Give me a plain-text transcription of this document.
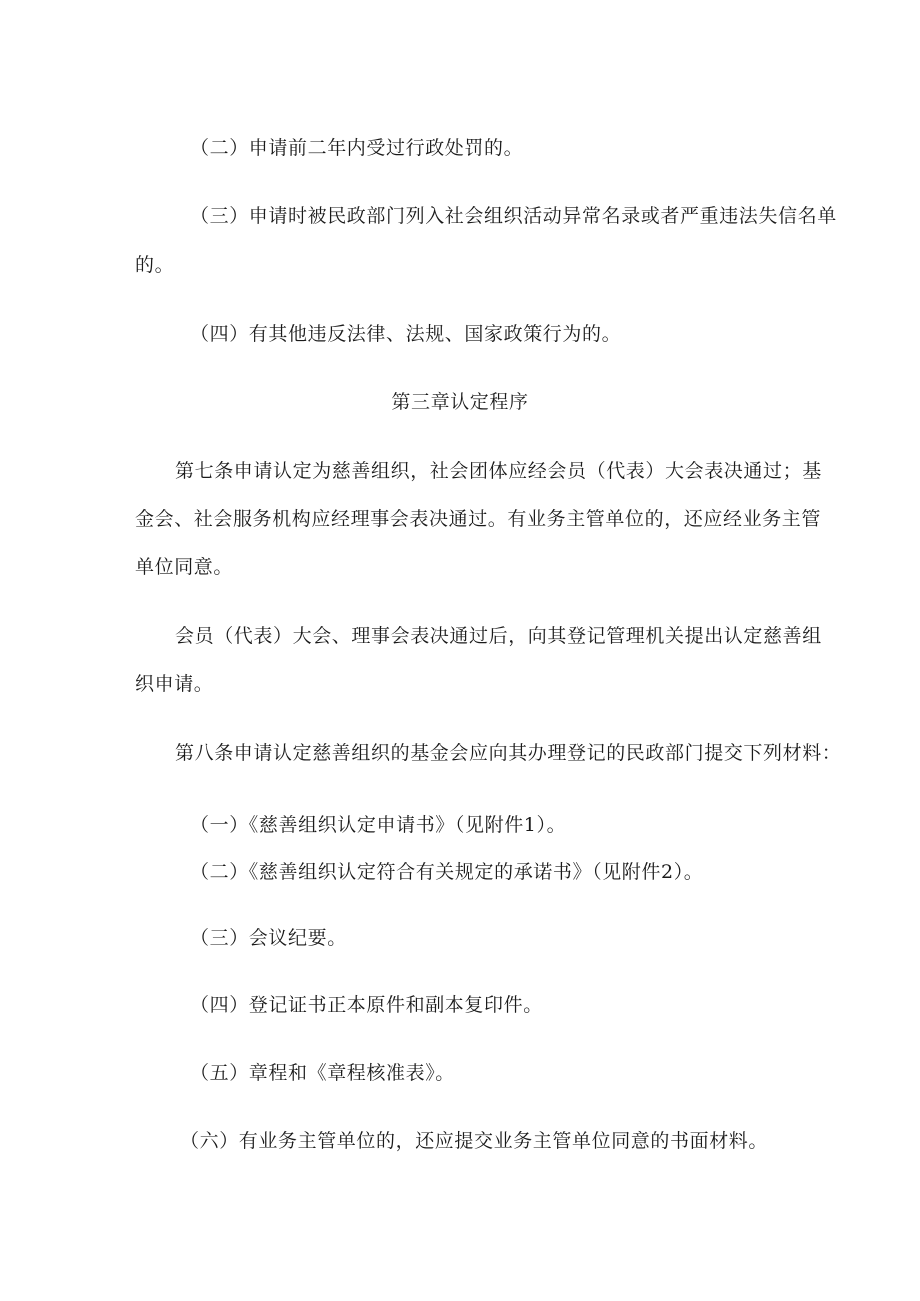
（二）申请前二年内受过行政处罚的。
（三）申请时被民政部门列入社会组织活动异常名录或者严重违法失信名单
的。
（四）有其他违反法律、法规、国家政策行为的。
第三章认定程序
第七条申请认定为慈善组织，社会团体应经会员（代表）大会表决通过；基
金会、社会服务机构应经理事会表决通过。有业务主管单位的，还应经业务主管
单位同意。
会员（代表）大会、理事会表决通过后，向其登记管理机关提出认定慈善组
织申请。
第八条申请认定慈善组织的基金会应向其办理登记的民政部门提交下列材料：
（一）《慈善组织认定申请书》（见附件1）。
（二）《慈善组织认定符合有关规定的承诺书》（见附件2）。
（三）会议纪要。
（四）登记证书正本原件和副本复印件。
（五）章程和《章程核准表》。
（六）有业务主管单位的，还应提交业务主管单位同意的书面材料。
